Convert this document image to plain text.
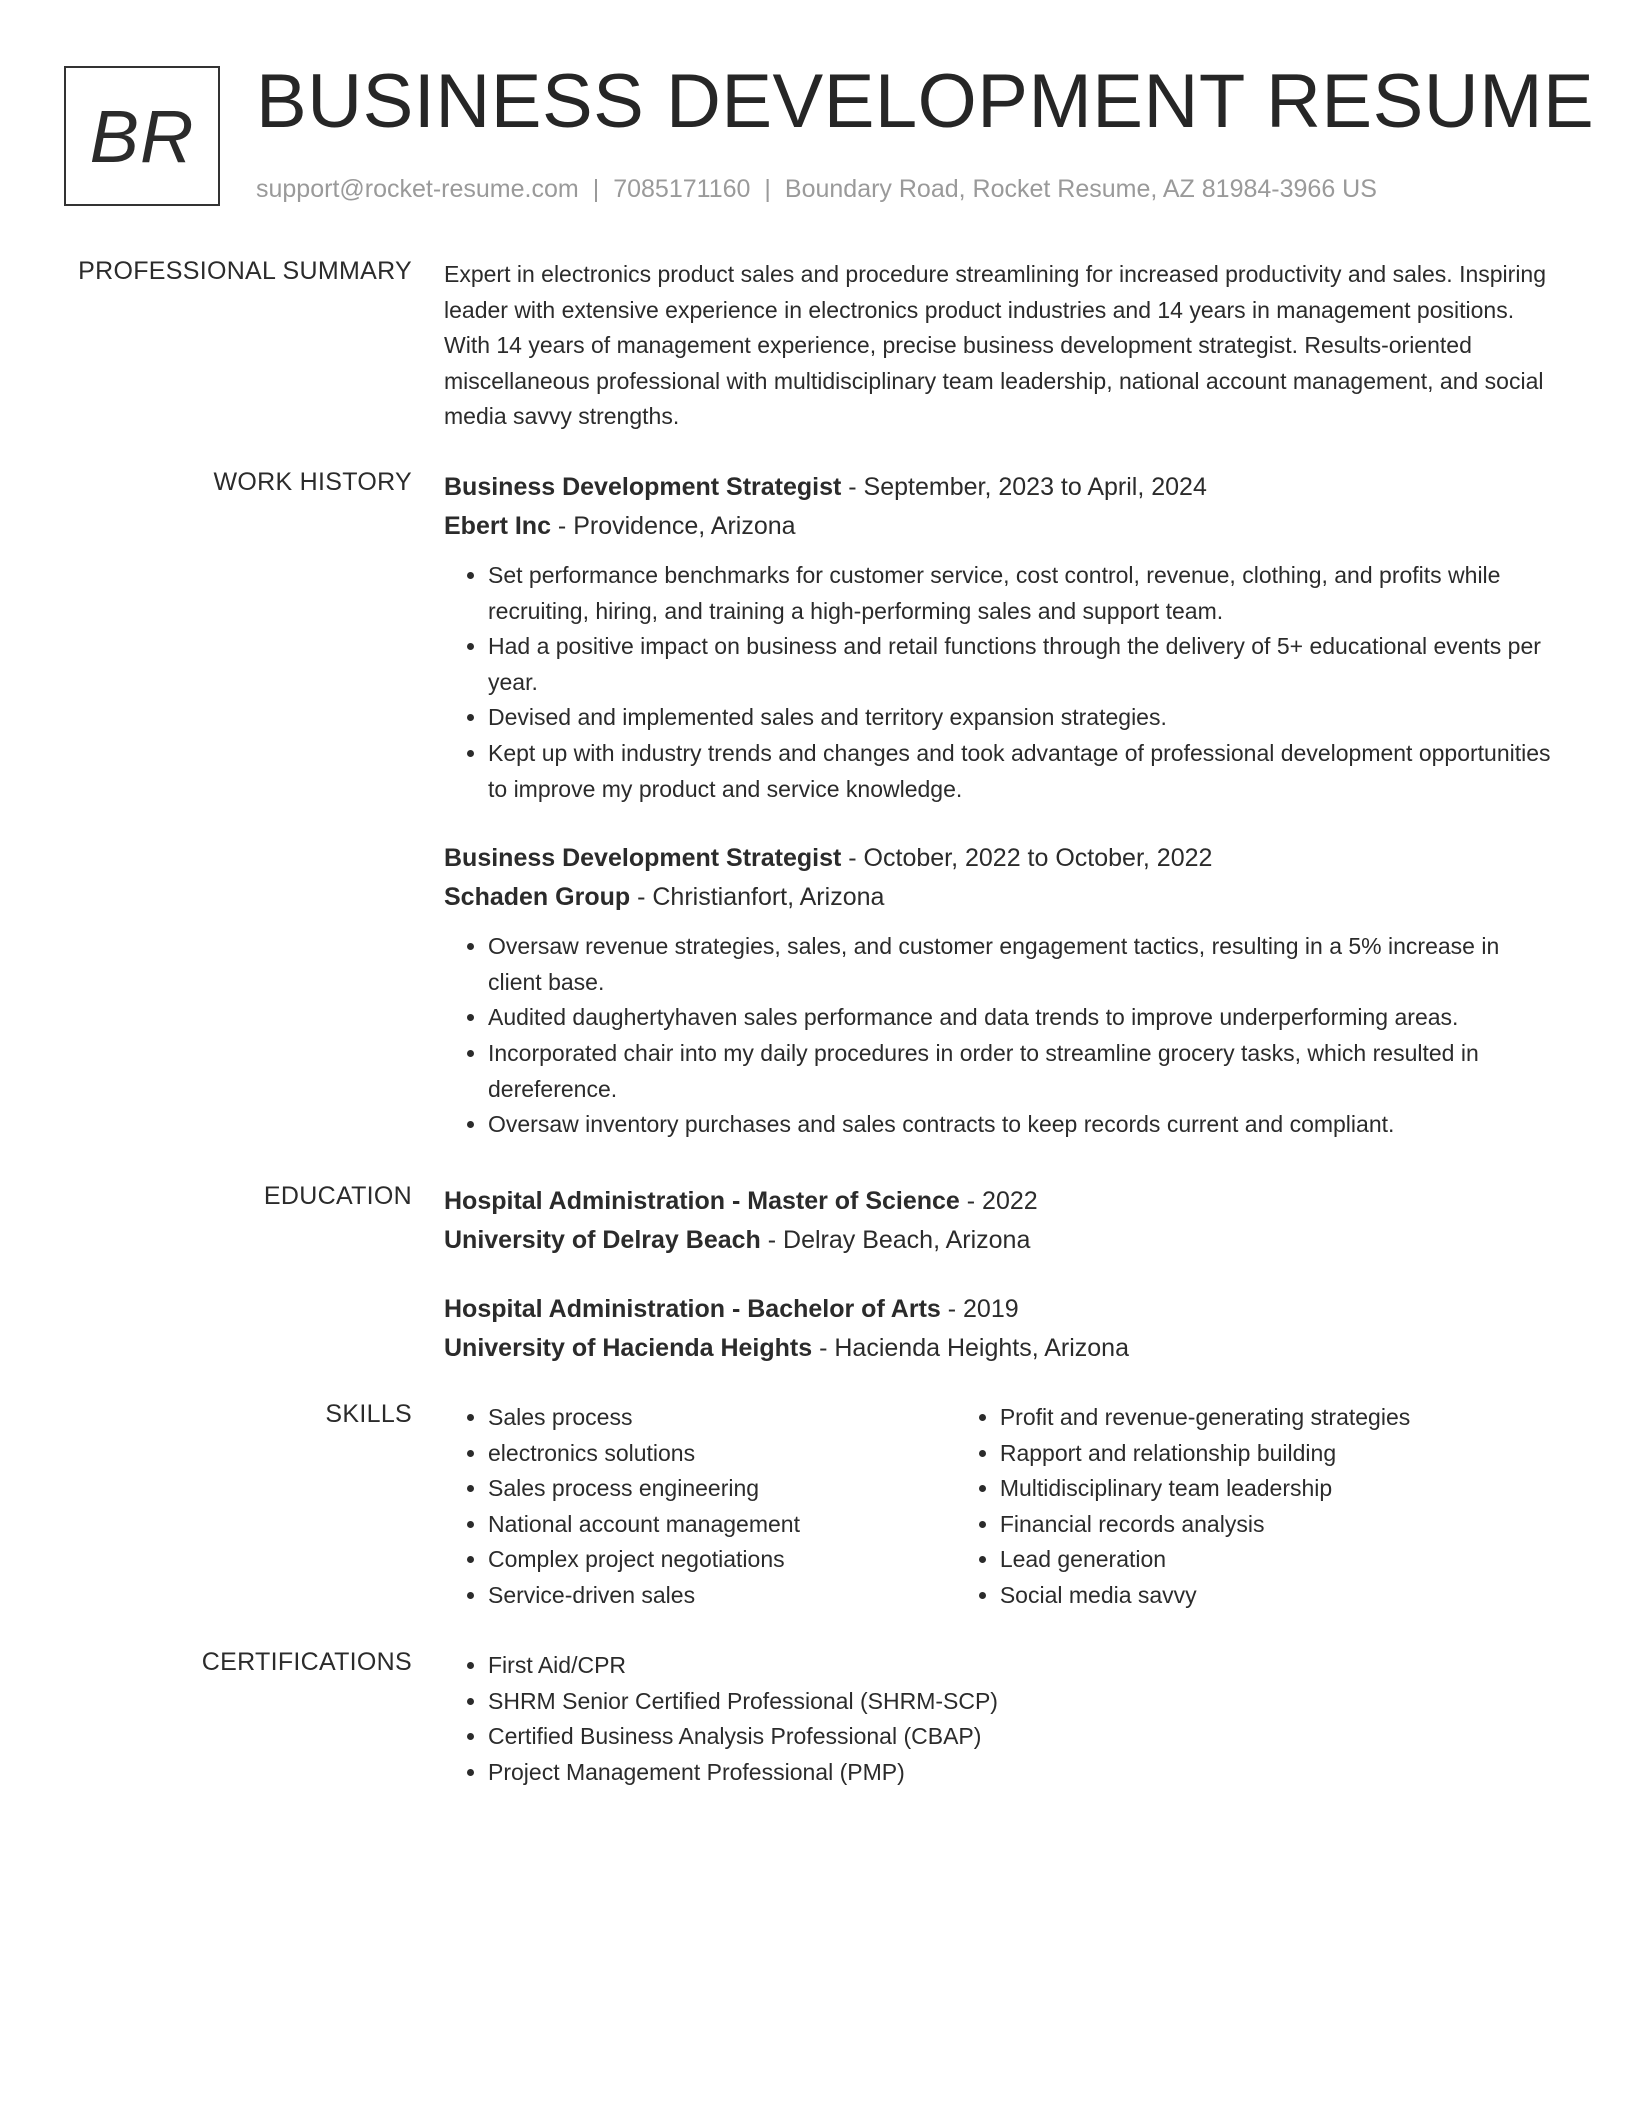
BR BUSINESS DEVELOPMENT RESUME
support@rocket-resume.com | 7085171160 | Boundary Road, Rocket Resume, AZ 81984-3966 US
PROFESSIONAL SUMMARY Expert in electronics product sales and procedure streamlining for increased productivity and sales. Inspiring leader with extensive experience in electronics product industries and 14 years in management positions. With 14 years of management experience, precise business development strategist. Results-oriented miscellaneous professional with multidisciplinary team leadership, national account management, and social media savvy strengths.

WORK HISTORY Business Development Strategist - September, 2023 to April, 2024
Ebert Inc - Providence, Arizona
• Set performance benchmarks for customer service, cost control, revenue, clothing, and profits while recruiting, hiring, and training a high-performing sales and support team.
• Had a positive impact on business and retail functions through the delivery of 5+ educational events per year.
• Devised and implemented sales and territory expansion strategies.
• Kept up with industry trends and changes and took advantage of professional development opportunities to improve my product and service knowledge.
Business Development Strategist - October, 2022 to October, 2022
Schaden Group - Christianfort, Arizona
• Oversaw revenue strategies, sales, and customer engagement tactics, resulting in a 5% increase in client base.
• Audited daughertyhaven sales performance and data trends to improve underperforming areas.
• Incorporated chair into my daily procedures in order to streamline grocery tasks, which resulted in dereference.
• Oversaw inventory purchases and sales contracts to keep records current and compliant.
EDUCATION Hospital Administration - Master of Science - 2022
University of Delray Beach - Delray Beach, Arizona
Hospital Administration - Bachelor of Arts - 2019
University of Hacienda Heights - Hacienda Heights, Arizona
SKILLS	• Sales process
• electronics solutions
• Sales process engineering
• National account management
• Complex project negotiations
• Service-driven sales
• Profit and revenue-generating strategies
• Rapport and relationship building
• Multidisciplinary team leadership
• Financial records analysis
• Lead generation
• Social media savvy
CERTIFICATIONS	• First Aid/CPR
• SHRM Senior Certified Professional (SHRM-SCP)
• Certified Business Analysis Professional (CBAP)
• Project Management Professional (PMP)
